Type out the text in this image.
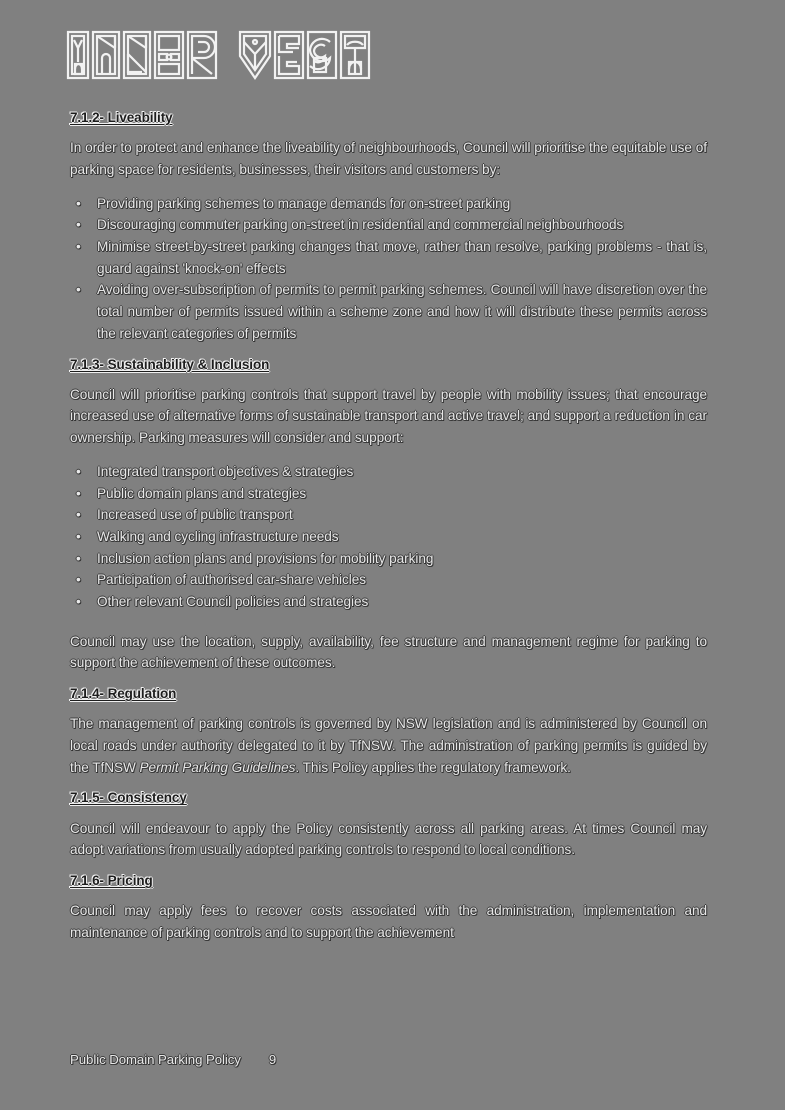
7.1.2- Liveability

In order to protect and enhance the liveability of neighbourhoods, Council will prioritise the equitable use of parking space for residents, businesses, their visitors and customers by:

• Providing parking schemes to manage demands for on-street parking
• Discouraging commuter parking on-street in residential and commercial neighbourhoods
• Minimise street-by-street parking changes that move, rather than resolve, parking problems - that is, guard against 'knock-on' effects
• Avoiding over-subscription of permits to permit parking schemes. Council will have discretion over the total number of permits issued within a scheme zone and how it will distribute these permits across the relevant categories of permits
7.1.3- Sustainability & Inclusion

Council will prioritise parking controls that support travel by people with mobility issues; that encourage increased use of alternative forms of sustainable transport and active travel; and support a reduction in car ownership. Parking measures will consider and support:

• Integrated transport objectives & strategies
• Public domain plans and strategies
• Increased use of public transport
• Walking and cycling infrastructure needs
• Inclusion action plans and provisions for mobility parking
• Participation of authorised car-share vehicles
• Other relevant Council policies and strategies

Council may use the location, supply, availability, fee structure and management regime for parking to support the achievement of these outcomes.

7.1.4- Regulation

The management of parking controls is governed by NSW legislation and is administered by Council on local roads under authority delegated to it by TfNSW. The administration of parking permits is guided by the TfNSW Permit Parking Guidelines. This Policy applies the regulatory framework.

7.1.5- Consistency

Council will endeavour to apply the Policy consistently across all parking areas. At times Council may adopt variations from usually adopted parking controls to respond to local conditions.

7.1.6- Pricing

Council may apply fees to recover costs associated with the administration, implementation and maintenance of parking controls and to support the achievement

Public Domain Parking Policy 9
